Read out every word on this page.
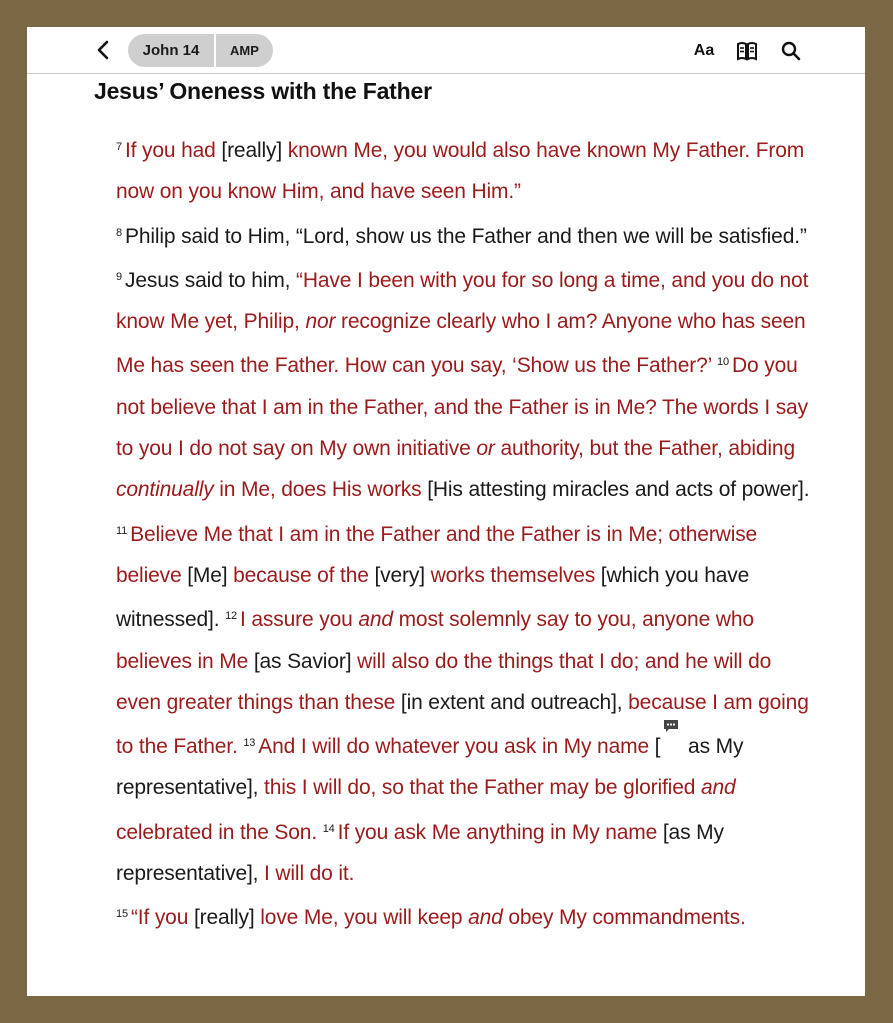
John 14	AMP	Aa
Jesus’ Oneness with the Father

$^7$ If you had [really] known Me, you would also have known My Father. From now on you know Him, and have seen Him.”

$^8$ Philip said to Him, “Lord, show us the Father and then we will be satisfied.” $^9$ Jesus said to him, “Have I been with you for so long a time, and you do not know Me yet, Philip, nor recognize clearly who I am? Anyone who has seen Me has seen the Father. How can you say, ‘Show us the Father?’ $^{10}$ Do you not believe that I am in the Father, and the Father is in Me? The words I say to you I do not say on My own initiative or authority, but the Father, abiding continually in Me, does His works [His attesting miracles and acts of power]. $^{11}$ Believe Me that I am in the Father and the Father is in Me; otherwise believe [Me] because of the [very] works themselves [which you have witnessed]. $^{12}$ I assure you and most solemnly say to you, anyone who believes in Me [as Savior] will also do the things that I do; and he will do even greater things than these [in extent and outreach], because I am going to the Father. $^{13}$ And I will do whatever you ask in My name [
as My representative], this I will do, so that the Father may be glorified and celebrated in the Son. $^{14}$ If you ask Me anything in My name [as My representative], I will do it.

$^{15}$ “If you [really] love Me, you will keep and obey My commandments.
